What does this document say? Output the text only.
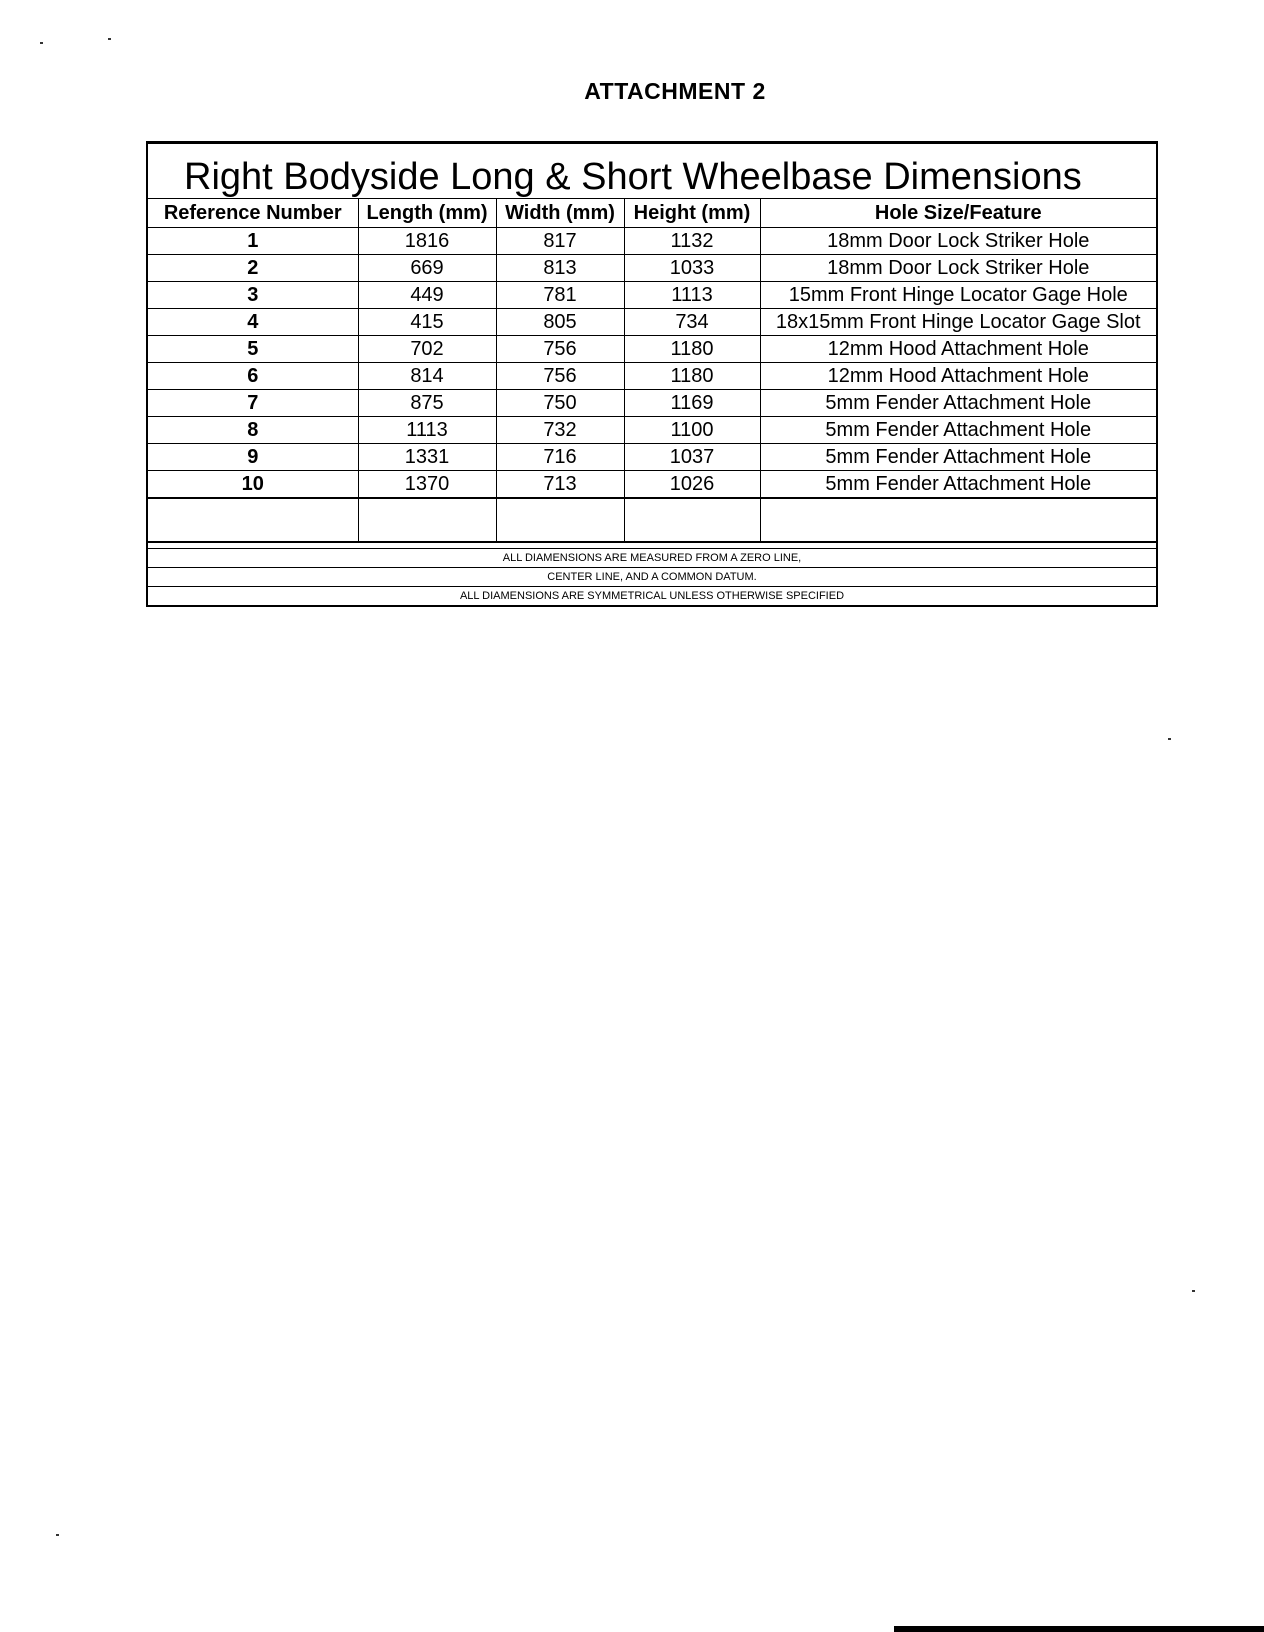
ATTACHMENT 2
Right Bodyside Long & Short Wheelbase Dimensions
Reference Number	Length (mm)	Width (mm)	Height (mm)	Hole Size/Feature
1	1816	817	1132	18mm Door Lock Striker Hole
2	669	813	1033	18mm Door Lock Striker Hole
3	449	781	1113	15mm Front Hinge Locator Gage Hole
4	415	805	734	18x15mm Front Hinge Locator Gage Slot
5	702	756	1180	12mm Hood Attachment Hole
6	814	756	1180	12mm Hood Attachment Hole
7	875	750	1169	5mm Fender Attachment Hole
8	1113	732	1100	5mm Fender Attachment Hole
9	1331	716	1037	5mm Fender Attachment Hole
10	1370	713	1026	5mm Fender Attachment Hole

ALL DIAMENSIONS ARE MEASURED FROM A ZERO LINE,
CENTER LINE, AND A COMMON DATUM.
ALL DIAMENSIONS ARE SYMMETRICAL UNLESS OTHERWISE SPECIFIED
